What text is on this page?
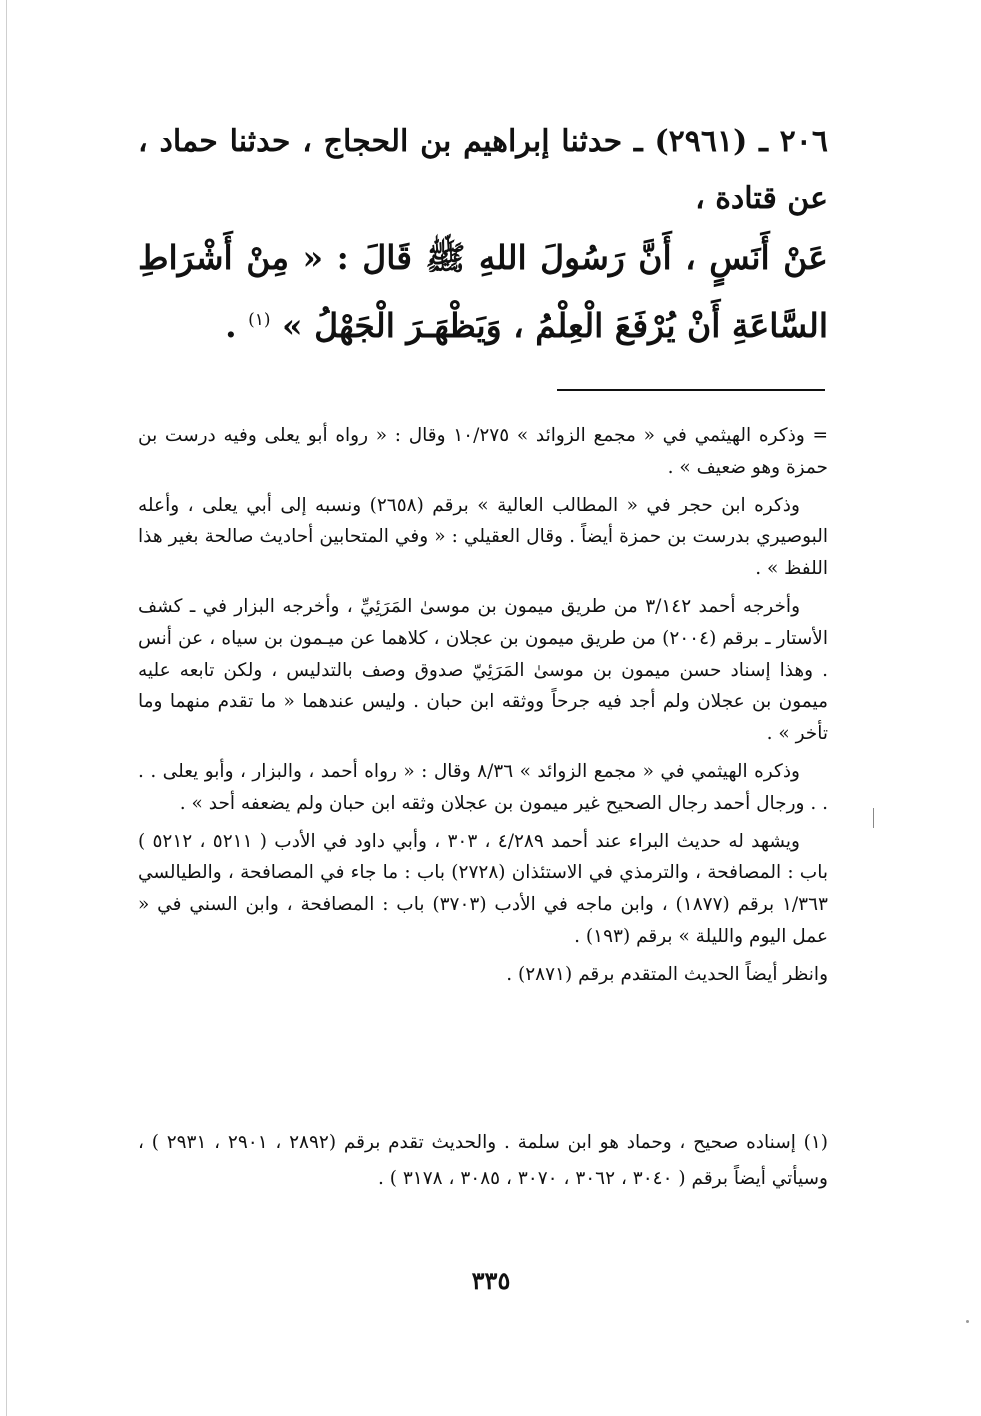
٢٠٦ ـ (٢٩٦١) ـ حدثنا إبراهيم بن الحجاج ، حدثنا حماد ، عن قتادة ،
عَنْ أَنَسٍ ، أَنَّ رَسُولَ اللهِ ﷺ قَالَ : « مِنْ أَشْرَاطِ السَّاعَةِ أَنْ يُرْفَعَ الْعِلْمُ ، وَيَظْهَـرَ الْجَهْلُ » $^{(١)}$ .

= وذكره الهيثمي في « مجمع الزوائد » ١٠/٢٧٥ وقال : « رواه أبو يعلى وفيه درست بن حمزة وهو ضعيف » .

وذكره ابن حجر في « المطالب العالية » برقم (٢٦٥٨) ونسبه إلى أبي يعلى ، وأعله البوصيري بدرست بن حمزة أيضاً . وقال العقيلي : « وفي المتحابين أحاديث صالحة بغير هذا اللفظ » .

وأخرجه أحمد ٣/١٤٢ من طريق ميمون بن موسىٰ المَرَئِيِّ ، وأخرجه البزار في ـ كشف الأستار ـ برقم (٢٠٠٤) من طريق ميمون بن عجلان ، كلاهما عن ميـمون بن سياه ، عن أنس . وهذا إسناد حسن ميمون بن موسىٰ المَرَئِيّ صدوق وصف بالتدليس ، ولكن تابعه عليه ميمون بن عجلان ولم أجد فيه جرحاً ووثقه ابن حبان . وليس عندهما « ما تقدم منهما وما تأخر » .

وذكره الهيثمي في « مجمع الزوائد » ٨/٣٦ وقال : « رواه أحمد ، والبزار ، وأبو يعلى . . . . ورجال أحمد رجال الصحيح غير ميمون بن عجلان وثقه ابن حبان ولم يضعفه أحد » .

ويشهد له حديث البراء عند أحمد ٤/٢٨٩ ، ٣٠٣ ، وأبي داود في الأدب ( ٥٢١١ ، ٥٢١٢ ) باب : المصافحة ، والترمذي في الاستئذان (٢٧٢٨) باب : ما جاء في المصافحة ، والطيالسي ١/٣٦٣ برقم (١٨٧٧) ، وابن ماجه في الأدب (٣٧٠٣) باب : المصافحة ، وابن السني في « عمل اليوم والليلة » برقم (١٩٣) .

وانظر أيضاً الحديث المتقدم برقم (٢٨٧١) .

(١) إسناده صحيح ، وحماد هو ابن سلمة . والحديث تقدم برقم (٢٨٩٢ ، ٢٩٠١ ، ٢٩٣١ ) ، وسيأتي أيضاً برقم ( ٣٠٤٠ ، ٣٠٦٢ ، ٣٠٧٠ ، ٣٠٨٥ ، ٣١٧٨ ) .

٣٣٥
